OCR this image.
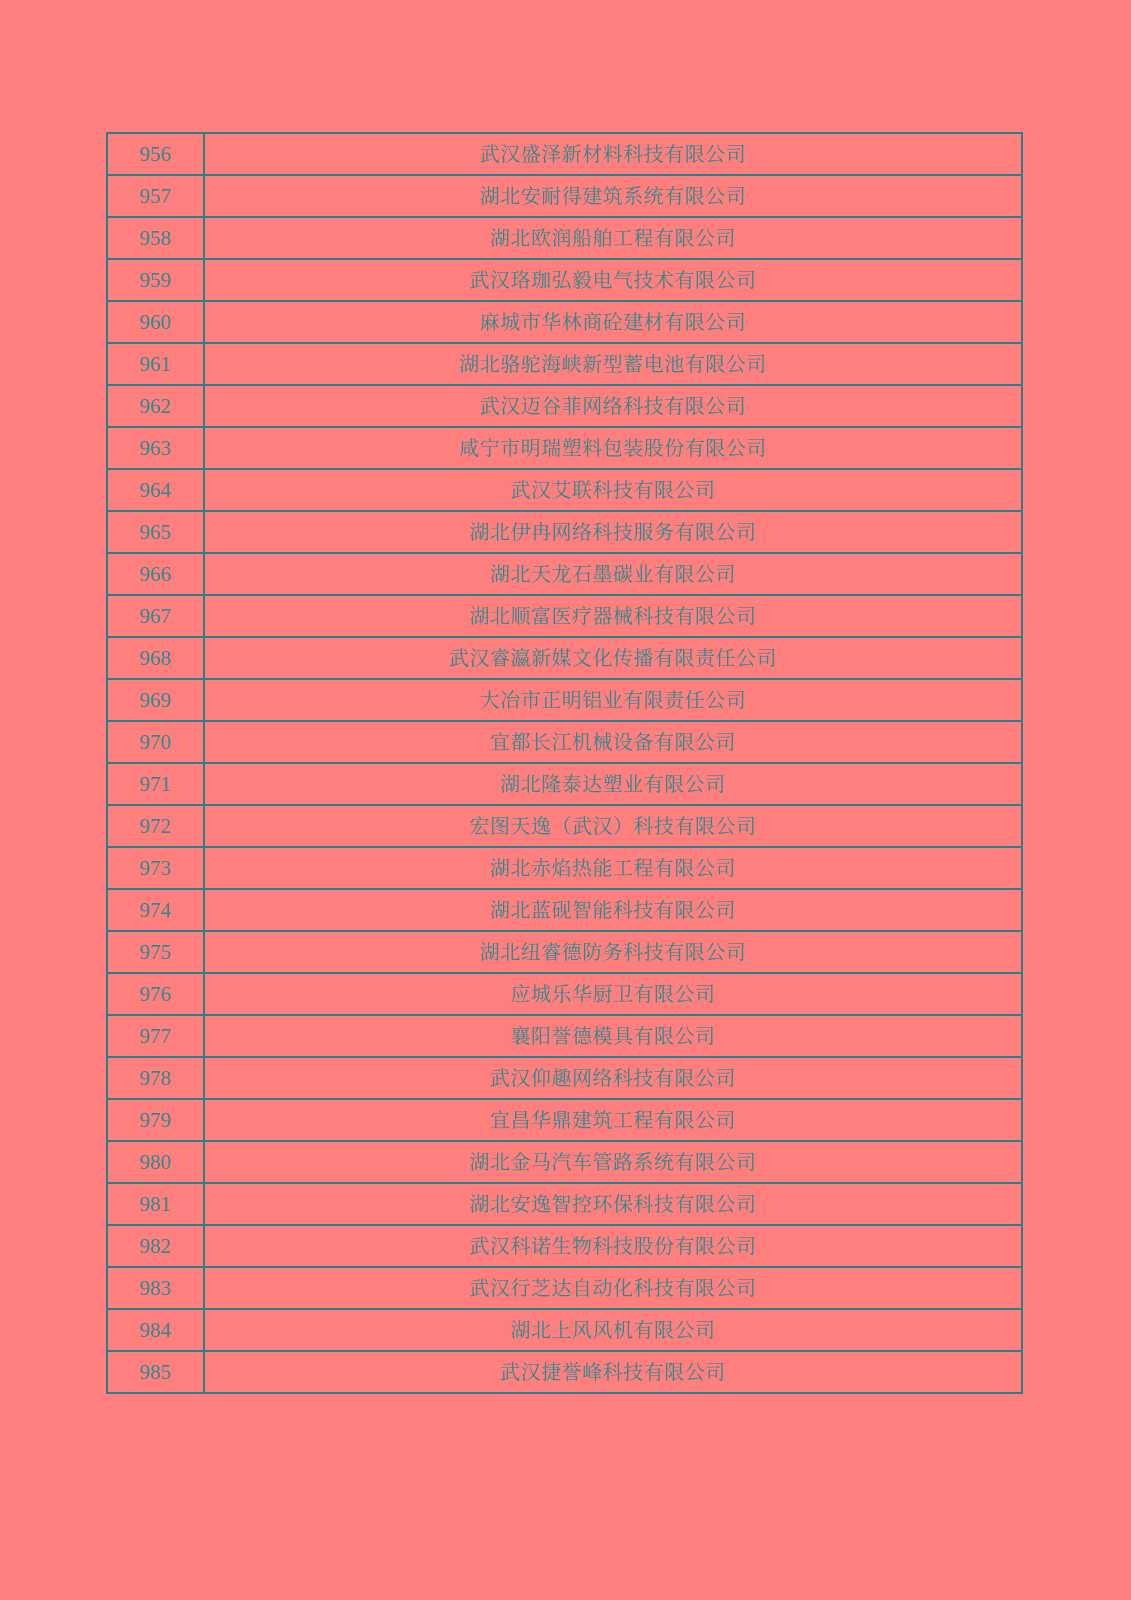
956	武汉盛泽新材料科技有限公司
957	湖北安耐得建筑系统有限公司
958	湖北欧润船舶工程有限公司
959	武汉珞珈弘毅电气技术有限公司
960	麻城市华林商砼建材有限公司
961	湖北骆驼海峡新型蓄电池有限公司
962	武汉迈谷菲网络科技有限公司
963	咸宁市明瑞塑料包装股份有限公司
964	武汉艾联科技有限公司
965	湖北伊冉网络科技服务有限公司
966	湖北天龙石墨碳业有限公司
967	湖北顺富医疗器械科技有限公司
968	武汉睿瀛新媒文化传播有限责任公司
969	大冶市正明铝业有限责任公司
970	宜都长江机械设备有限公司
971	湖北隆泰达塑业有限公司
972	宏图天逸（武汉）科技有限公司
973	湖北赤焰热能工程有限公司
974	湖北蓝砚智能科技有限公司
975	湖北纽睿德防务科技有限公司
976	应城乐华厨卫有限公司
977	襄阳誉德模具有限公司
978	武汉仰趣网络科技有限公司
979	宜昌华鼎建筑工程有限公司
980	湖北金马汽车管路系统有限公司
981	湖北安逸智控环保科技有限公司
982	武汉科诺生物科技股份有限公司
983	武汉行芝达自动化科技有限公司
984	湖北上风风机有限公司
985	武汉捷誉峰科技有限公司
